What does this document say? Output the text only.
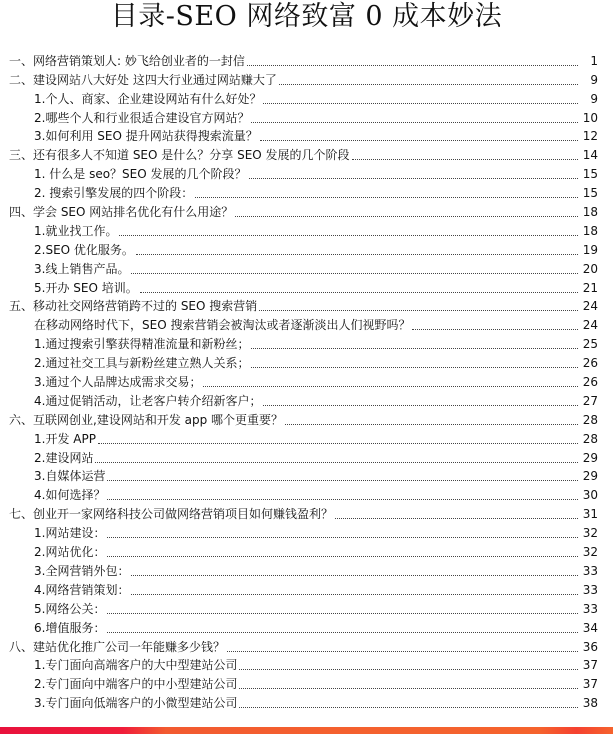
目录-SEO 网络致富 0 成本妙法
一、网络营销策划人: 妙飞给创业者的一封信	1
二、建设网站八大好处 这四大行业通过网站赚大了	9
1.个人、商家、企业建设网站有什么好处？	9
2.哪些个人和行业很适合建设官方网站？	10
3.如何利用 SEO 提升网站获得搜索流量？	12
三、还有很多人不知道 SEO 是什么？分享 SEO 发展的几个阶段	14
1. 什么是 seo？SEO 发展的几个阶段？	15
2. 搜索引擎发展的四个阶段：	15
四、学会 SEO 网站排名优化有什么用途？	18
1.就业找工作。	18
2.SEO 优化服务。	19
3.线上销售产品。	20
5.开办 SEO 培训。	21
五、移动社交网络营销跨不过的 SEO 搜索营销	24
在移动网络时代下，SEO 搜索营销会被淘汰或者逐渐淡出人们视野吗？	24
1.通过搜索引擎获得精准流量和新粉丝；	25
2.通过社交工具与新粉丝建立熟人关系；	26
3.通过个人品牌达成需求交易；	26
4.通过促销活动，让老客户转介绍新客户；	27
六、互联网创业,建设网站和开发 app 哪个更重要？	28
1.开发 APP	28
2.建设网站	29
3.自媒体运营	29
4.如何选择？	30
七、创业开一家网络科技公司做网络营销项目如何赚钱盈利？	31
1.网站建设：	32
2.网站优化：	32
3.全网营销外包：	33
4.网络营销策划：	33
5.网络公关：	33
6.增值服务：	34
八、建站优化推广公司一年能赚多少钱？	36
1.专门面向高端客户的大中型建站公司	37
2.专门面向中端客户的中小型建站公司	37
3.专门面向低端客户的小微型建站公司	38
